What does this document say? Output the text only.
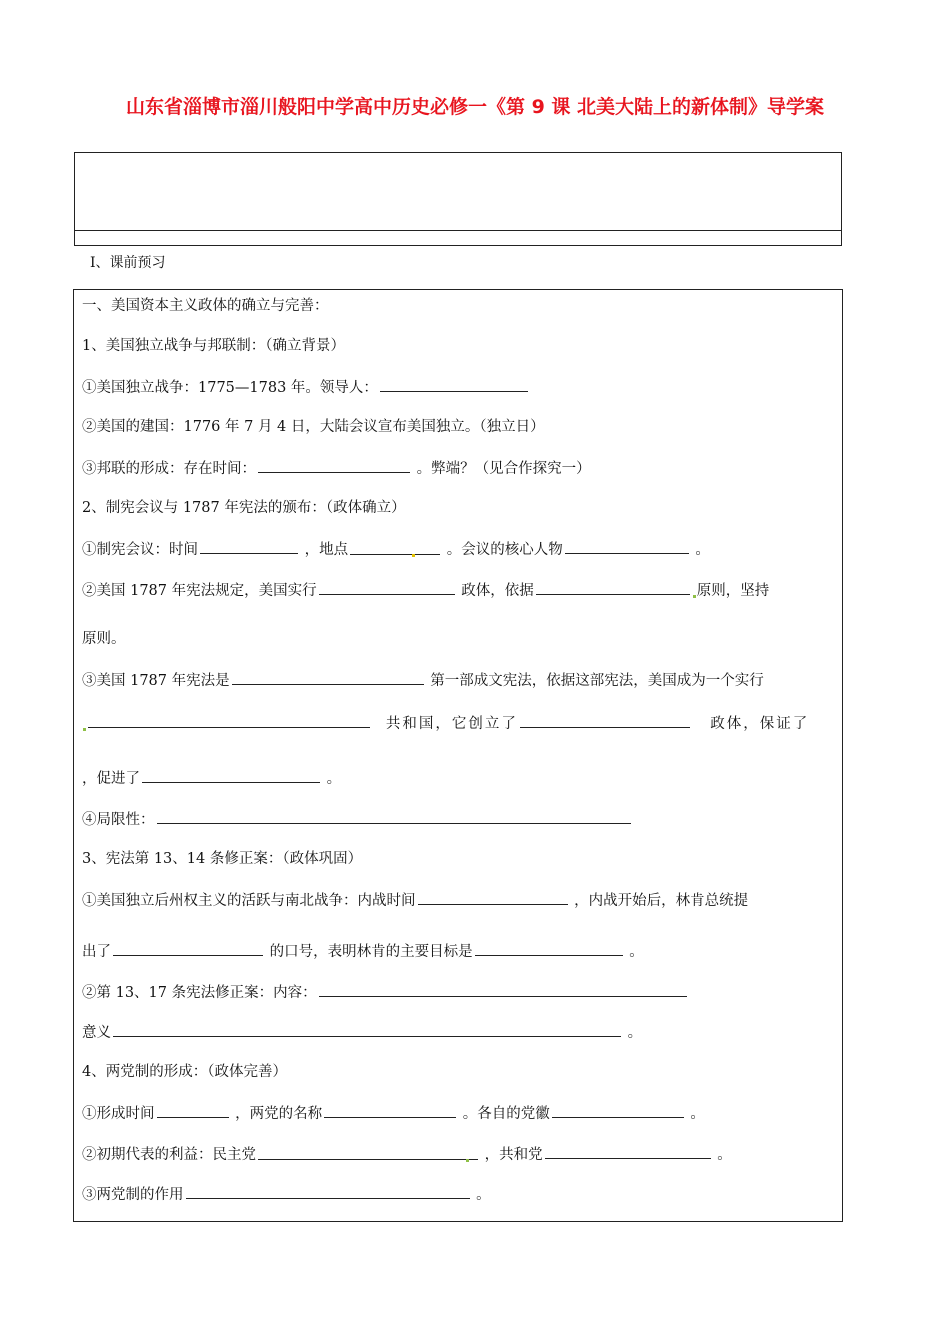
山东省淄博市淄川般阳中学高中历史必修一《第 9 课 北美大陆上的新体制》导学案
Ⅰ、课前预习
一、美国资本主义政体的确立与完善：
1、美国独立战争与邦联制：（确立背景）
①美国独立战争：1775—1783 年。领导人：
②美国的建国：1776 年 7 月 4 日，大陆会议宣布美国独立。（独立日）
③邦联的形成：存在时间：	。弊端？（见合作探究一）
2、制宪会议与 1787 年宪法的颁布：（政体确立）
①制宪会议：时间	，地点	。会议的核心人物	。
②美国 1787 年宪法规定，美国实行	政体，依据	原则，坚持
原则。
③美国 1787 年宪法是	第一部成文宪法，依据这部宪法，美国成为一个实行
共和国，它创立了	政体，保证了
，促进了	。
④局限性：
3、宪法第 13、14 条修正案：（政体巩固）
①美国独立后州权主义的活跃与南北战争：内战时间	，内战开始后，林肯总统提
出了	的口号，表明林肯的主要目标是	。
②第 13、17 条宪法修正案：内容：
意义	。
4、两党制的形成：（政体完善）
①形成时间	，两党的名称	。各自的党徽	。
②初期代表的利益：民主党	，共和党	。
③两党制的作用	。
